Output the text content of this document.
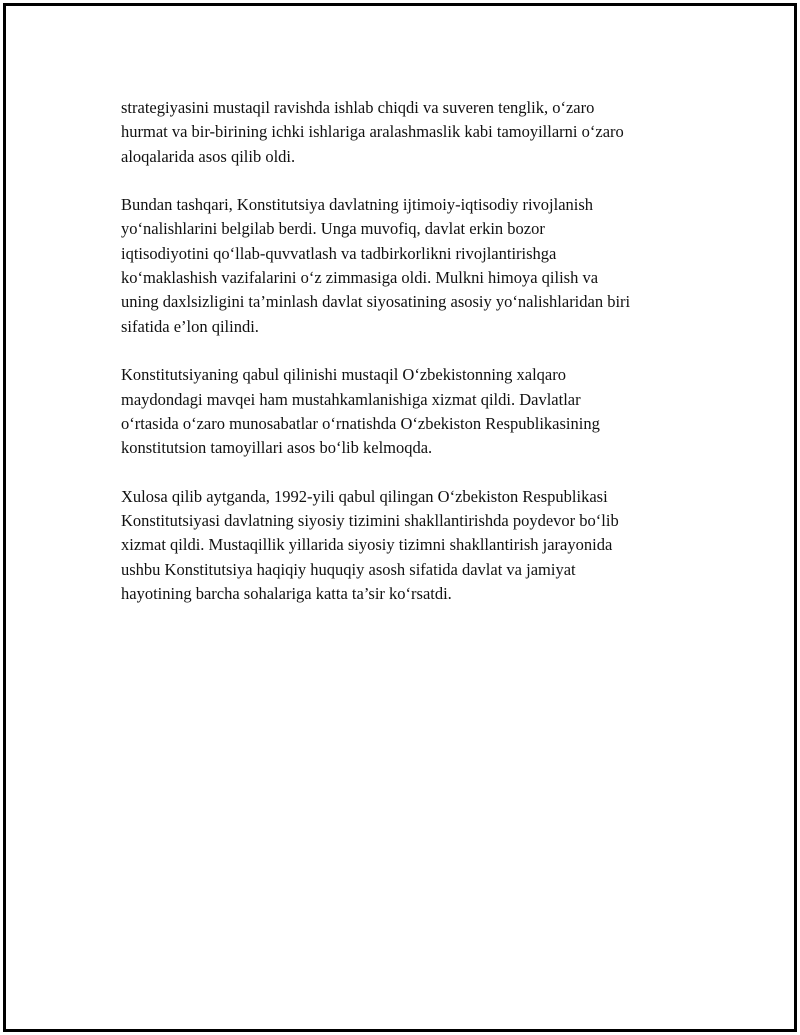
strategiyasini mustaqil ravishda ishlab chiqdi va suveren tenglik, o‘zaro
hurmat va bir-birining ichki ishlariga aralashmaslik kabi tamoyillarni o‘zaro
aloqalarida asos qilib oldi.

Bundan tashqari, Konstitutsiya davlatning ijtimoiy-iqtisodiy rivojlanish
yo‘nalishlarini belgilab berdi. Unga muvofiq, davlat erkin bozor
iqtisodiyotini qo‘llab-quvvatlash va tadbirkorlikni rivojlantirishga
ko‘maklashish vazifalarini o‘z zimmasiga oldi. Mulkni himoya qilish va
uning daxlsizligini ta’minlash davlat siyosatining asosiy yo‘nalishlaridan biri
sifatida e’lon qilindi.

Konstitutsiyaning qabul qilinishi mustaqil O‘zbekistonning xalqaro
maydondagi mavqei ham mustahkamlanishiga xizmat qildi. Davlatlar
o‘rtasida o‘zaro munosabatlar o‘rnatishda O‘zbekiston Respublikasining
konstitutsion tamoyillari asos bo‘lib kelmoqda.

Xulosa qilib aytganda, 1992-yili qabul qilingan O‘zbekiston Respublikasi
Konstitutsiyasi davlatning siyosiy tizimini shakllantirishda poydevor bo‘lib
xizmat qildi. Mustaqillik yillarida siyosiy tizimni shakllantirish jarayonida
ushbu Konstitutsiya haqiqiy huquqiy asosh sifatida davlat va jamiyat
hayotining barcha sohalariga katta ta’sir ko‘rsatdi.
